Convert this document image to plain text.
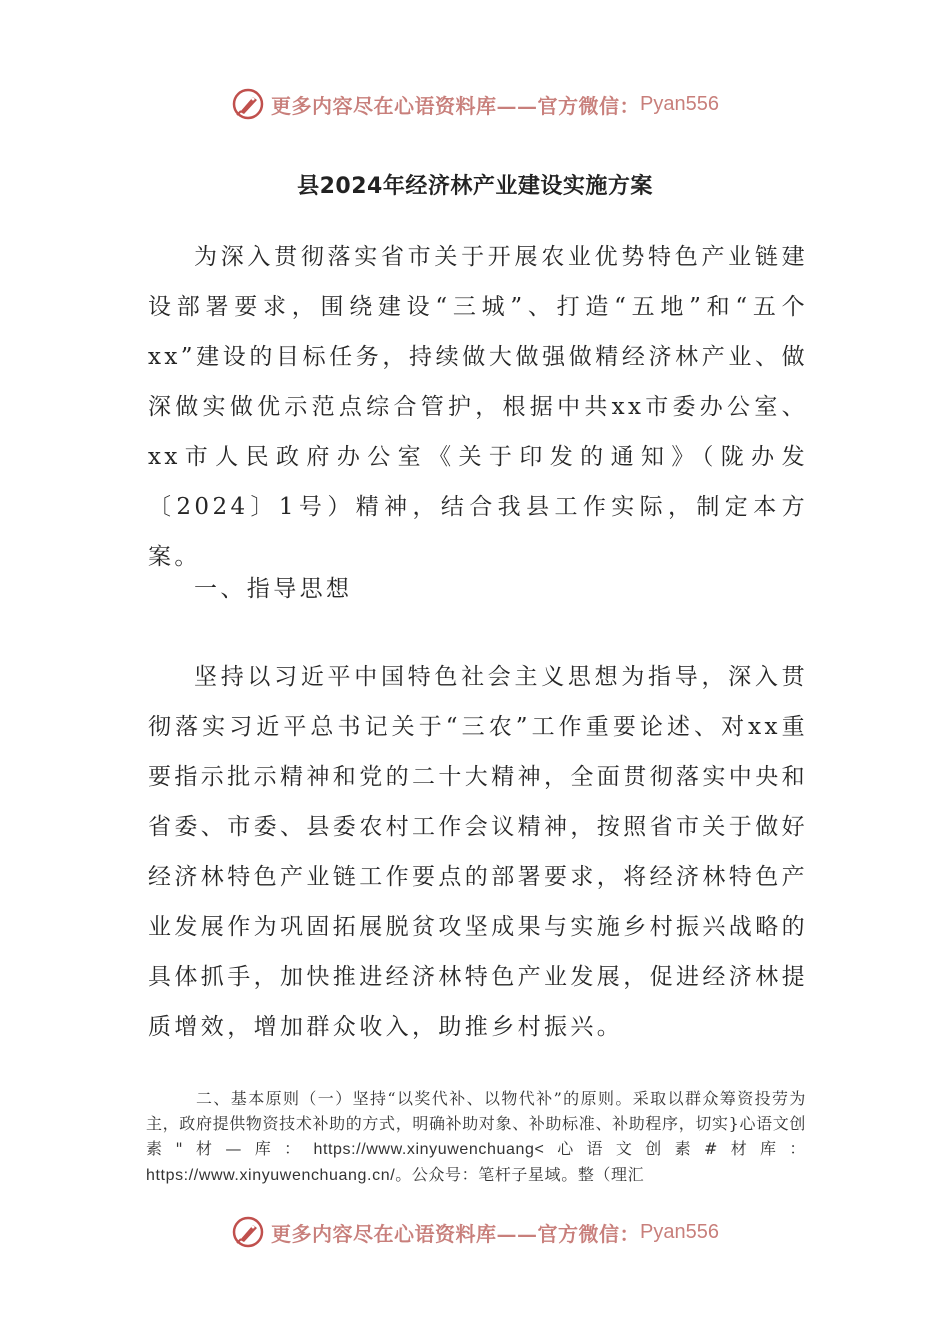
更多内容尽在心语资料库——官方微信： Pyan556
县2024年经济林产业建设实施方案

为深入贯彻落实省市关于开展农业优势特色产业链建设部署要求，围绕建设“三城”、打造“五地”和“五个xx”建设的目标任务，持续做大做强做精经济林产业、做深做实做优示范点综合管护，根据中共xx市委办公室、xx市人民政府办公室《关于印发的通知》（陇办发〔2024〕1号）精神，结合我县工作实际，制定本方案。

一、指导思想

坚持以习近平中国特色社会主义思想为指导，深入贯彻落实习近平总书记关于“三农”工作重要论述、对xx重要指示批示精神和党的二十大精神，全面贯彻落实中央和省委、市委、县委农村工作会议精神，按照省市关于做好经济林特色产业链工作要点的部署要求，将经济林特色产业发展作为巩固拓展脱贫攻坚成果与实施乡村振兴战略的具体抓手，加快推进经济林特色产业发展，促进经济林提质增效，增加群众收入，助推乡村振兴。

二、基本原则（一）坚持“以奖代补、以物代补”的原则。采取以群众筹资投劳为主，政府提供物资技术补助的方式，明确补助对象、补助标准、补助程序，切实}心语文创素"材—库：https://www.xinyuwenchuang<心语文创素#材库：https://www.xinyuwenchuang.cn/。公众号：笔杆子星域。整（理汇

更多内容尽在心语资料库——官方微信： Pyan556
